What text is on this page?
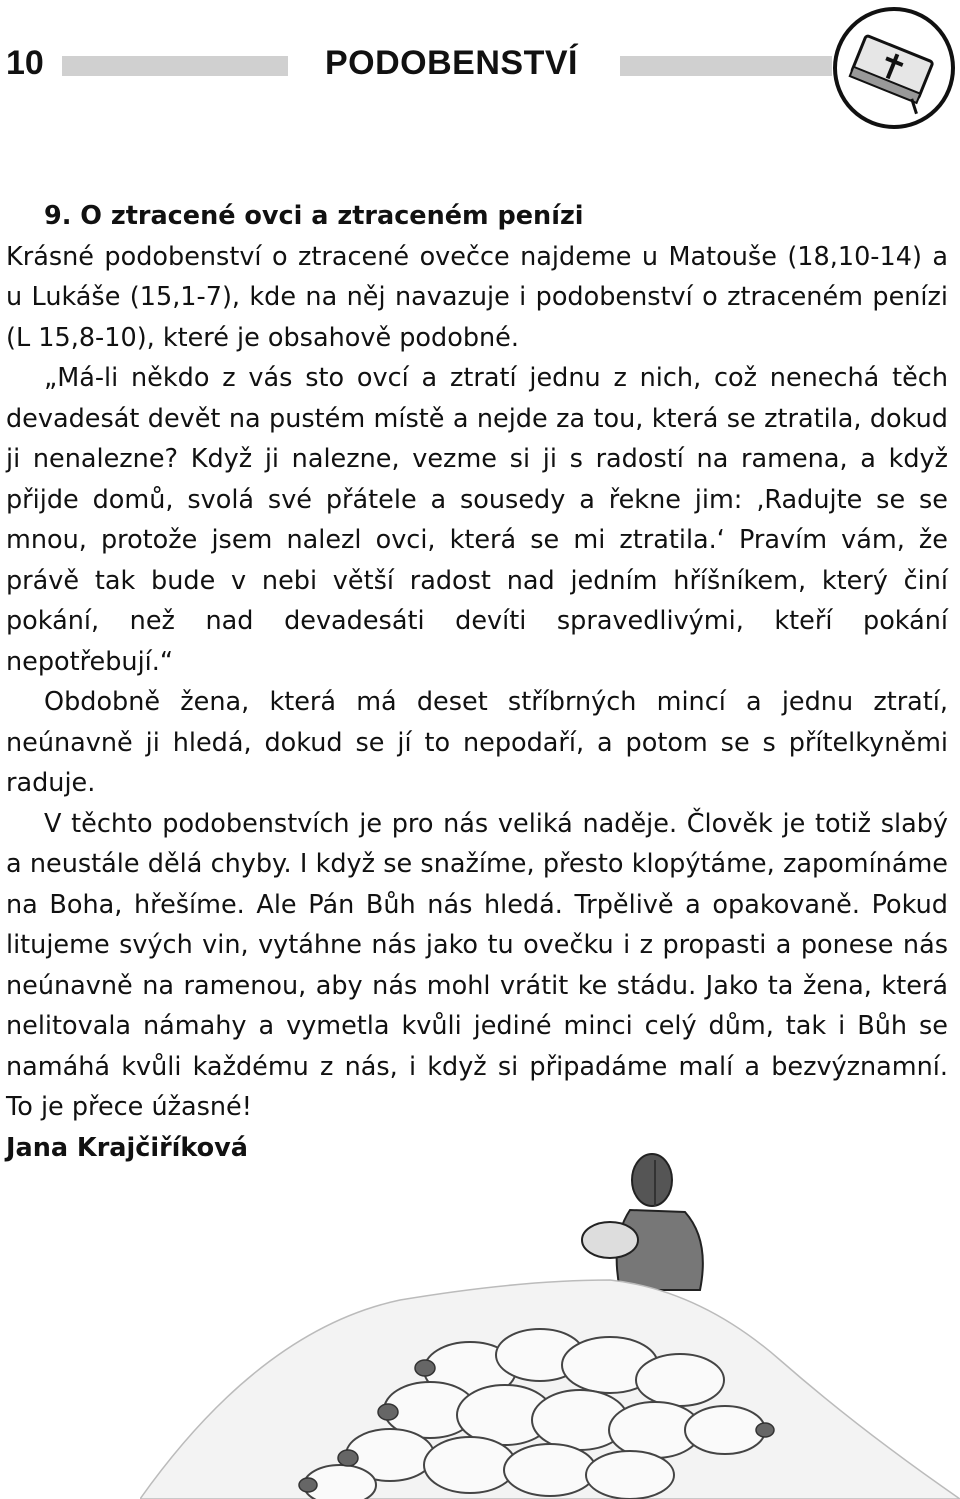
10	PODOBENSTVÍ

9. O ztracené ovci a ztraceném penízi

Krásné podobenství o ztracené ovečce najdeme u Matouše (18,10-14) a u Lukáše (15,1-7), kde na něj navazuje i podobenství o ztraceném penízi (L 15,8-10), které je obsahově podobné.

„Má-li někdo z vás sto ovcí a ztratí jednu z nich, což nenechá těch devadesát devět na pustém místě a nejde za tou, která se ztratila, dokud ji nenalezne? Když ji nalezne, vezme si ji s radostí na ramena, a když přijde domů, svolá své přátele a sousedy a řekne jim: ‚Radujte se se mnou, protože jsem nalezl ovci, která se mi ztratila.‘ Pravím vám, že právě tak bude v nebi větší radost nad jedním hříšníkem, který činí pokání, než nad devadesáti devíti spravedlivými, kteří pokání nepotřebují.“

Obdobně žena, která má deset stříbrných mincí a jednu ztratí, neúnavně ji hledá, dokud se jí to nepodaří, a potom se s přítelkyněmi raduje.

V těchto podobenstvích je pro nás veliká naděje. Člověk je totiž slabý a neustále dělá chyby. I když se snažíme, přesto klopýtáme, zapomínáme na Boha, hřešíme. Ale Pán Bůh nás hledá. Trpělivě a opakovaně. Pokud litujeme svých vin, vytáhne nás jako tu ovečku i z propasti a ponese nás neúnavně na ramenou, aby nás mohl vrátit ke stádu. Jako ta žena, která nelitovala námahy a vymetla kvůli jediné minci celý dům, tak i Bůh se namáhá kvůli každému z nás, i když si připadáme malí a bezvýznamní. To je přece úžasné!

Jana Krajčiříková
